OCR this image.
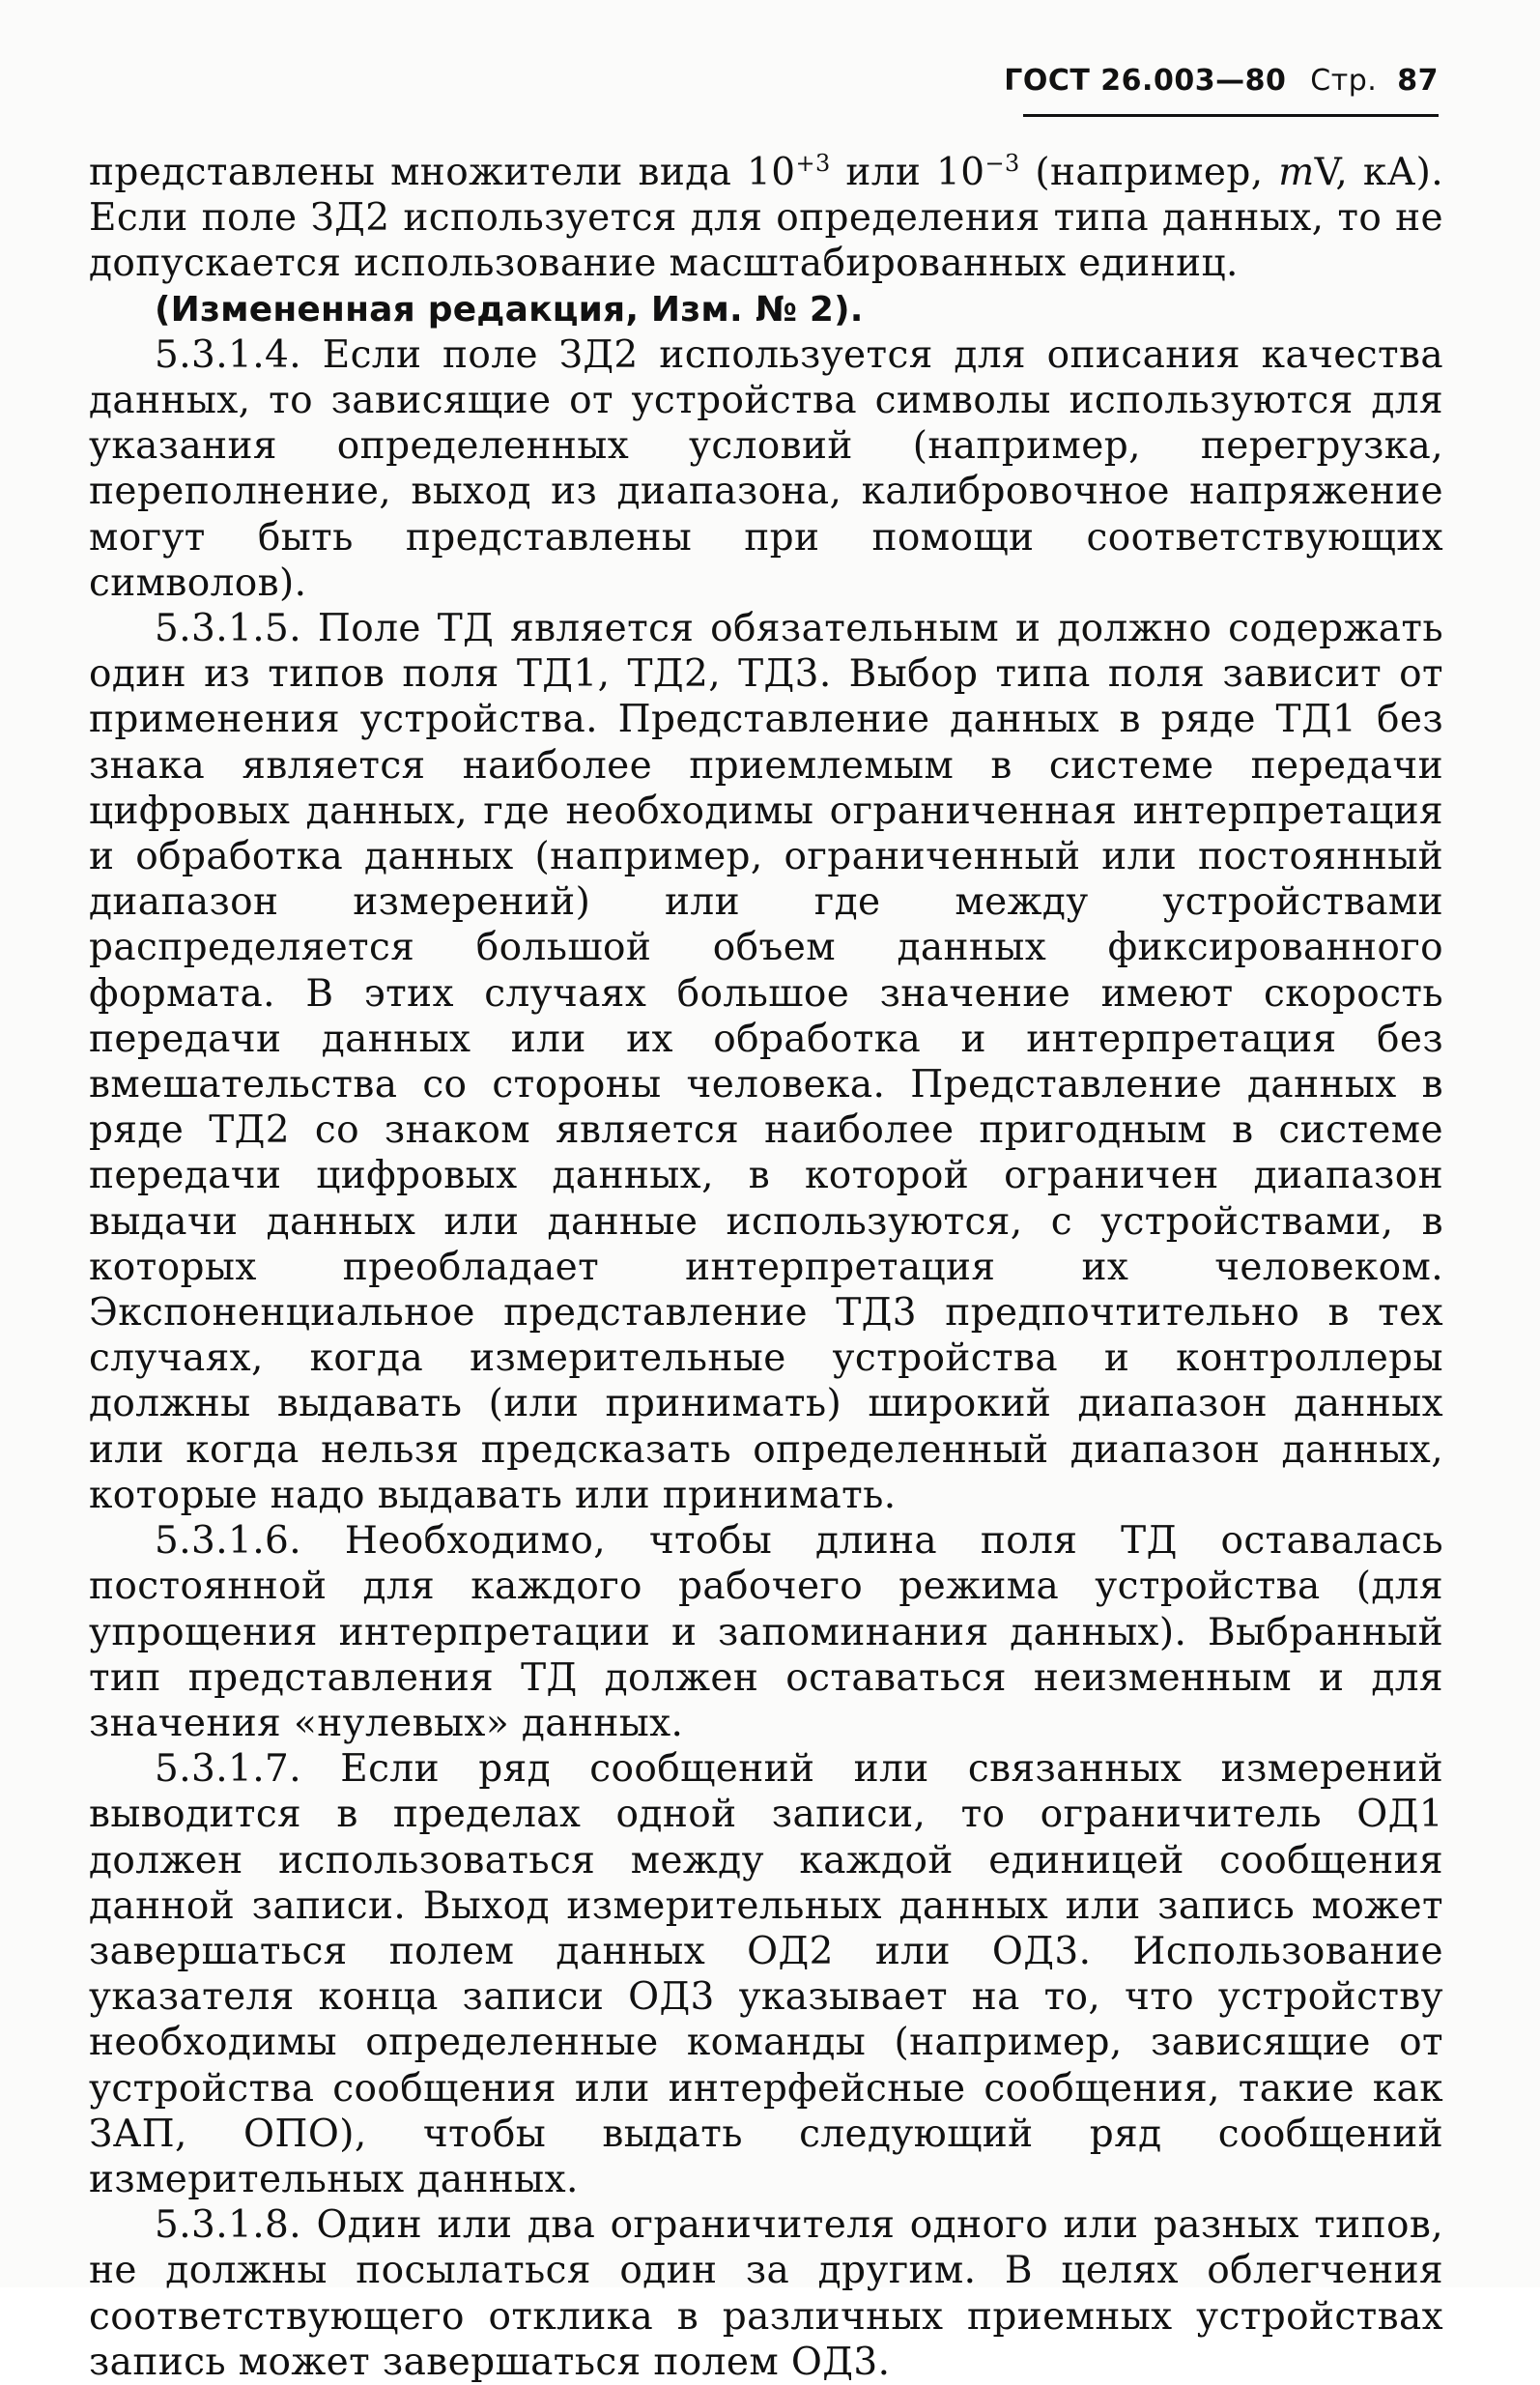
ГОСТ 26.003—80 Стр. 87

представлены множители вида $10^{+3}$ или $10^{-3}$ (например, mV, кА). Если поле ЗД2 используется для определения типа данных, то не допускается использование масштабированных единиц.

(Измененная редакция, Изм. № 2).

5.3.1.4. Если поле ЗД2 используется для описания качества данных, то зависящие от устройства символы используются для указания определенных условий (например, перегрузка, переполнение, выход из диапазона, калибровочное напряжение могут быть представлены при помощи соответствующих символов).

5.3.1.5. Поле ТД является обязательным и должно содержать один из типов поля ТД1, ТД2, ТД3. Выбор типа поля зависит от применения устройства. Представление данных в ряде ТД1 без знака является наиболее приемлемым в системе передачи цифровых данных, где необходимы ограниченная интерпретация и обработка данных (например, ограниченный или постоянный диапазон измерений) или где между устройствами распределяется большой объем данных фиксированного формата. В этих случаях большое значение имеют скорость передачи данных или их обработка и интерпретация без вмешательства со стороны человека. Представление данных в ряде ТД2 со знаком является наиболее пригодным в системе передачи цифровых данных, в которой ограничен диапазон выдачи данных или данные используются, с устройствами, в которых преобладает интерпретация их человеком. Экспоненциальное представление ТД3 предпочтительно в тех случаях, когда измерительные устройства и контроллеры должны выдавать (или принимать) широкий диапазон данных или когда нельзя предсказать определенный диапазон данных, которые надо выдавать или принимать.

5.3.1.6. Необходимо, чтобы длина поля ТД оставалась постоянной для каждого рабочего режима устройства (для упрощения интерпретации и запоминания данных). Выбранный тип представления ТД должен оставаться неизменным и для значения «нулевых» данных.

5.3.1.7. Если ряд сообщений или связанных измерений выводится в пределах одной записи, то ограничитель ОД1 должен использоваться между каждой единицей сообщения данной записи. Выход измерительных данных или запись может завершаться полем данных ОД2 или ОД3. Использование указателя конца записи ОД3 указывает на то, что устройству необходимы определенные команды (например, зависящие от устройства сообщения или интерфейсные сообщения, такие как ЗАП, ОПО), чтобы выдать следующий ряд сообщений измерительных данных.

5.3.1.8. Один или два ограничителя одного или разных типов, не должны посылаться один за другим. В целях облегчения соответствующего отклика в различных приемных устройствах запись может завершаться полем ОД3.
